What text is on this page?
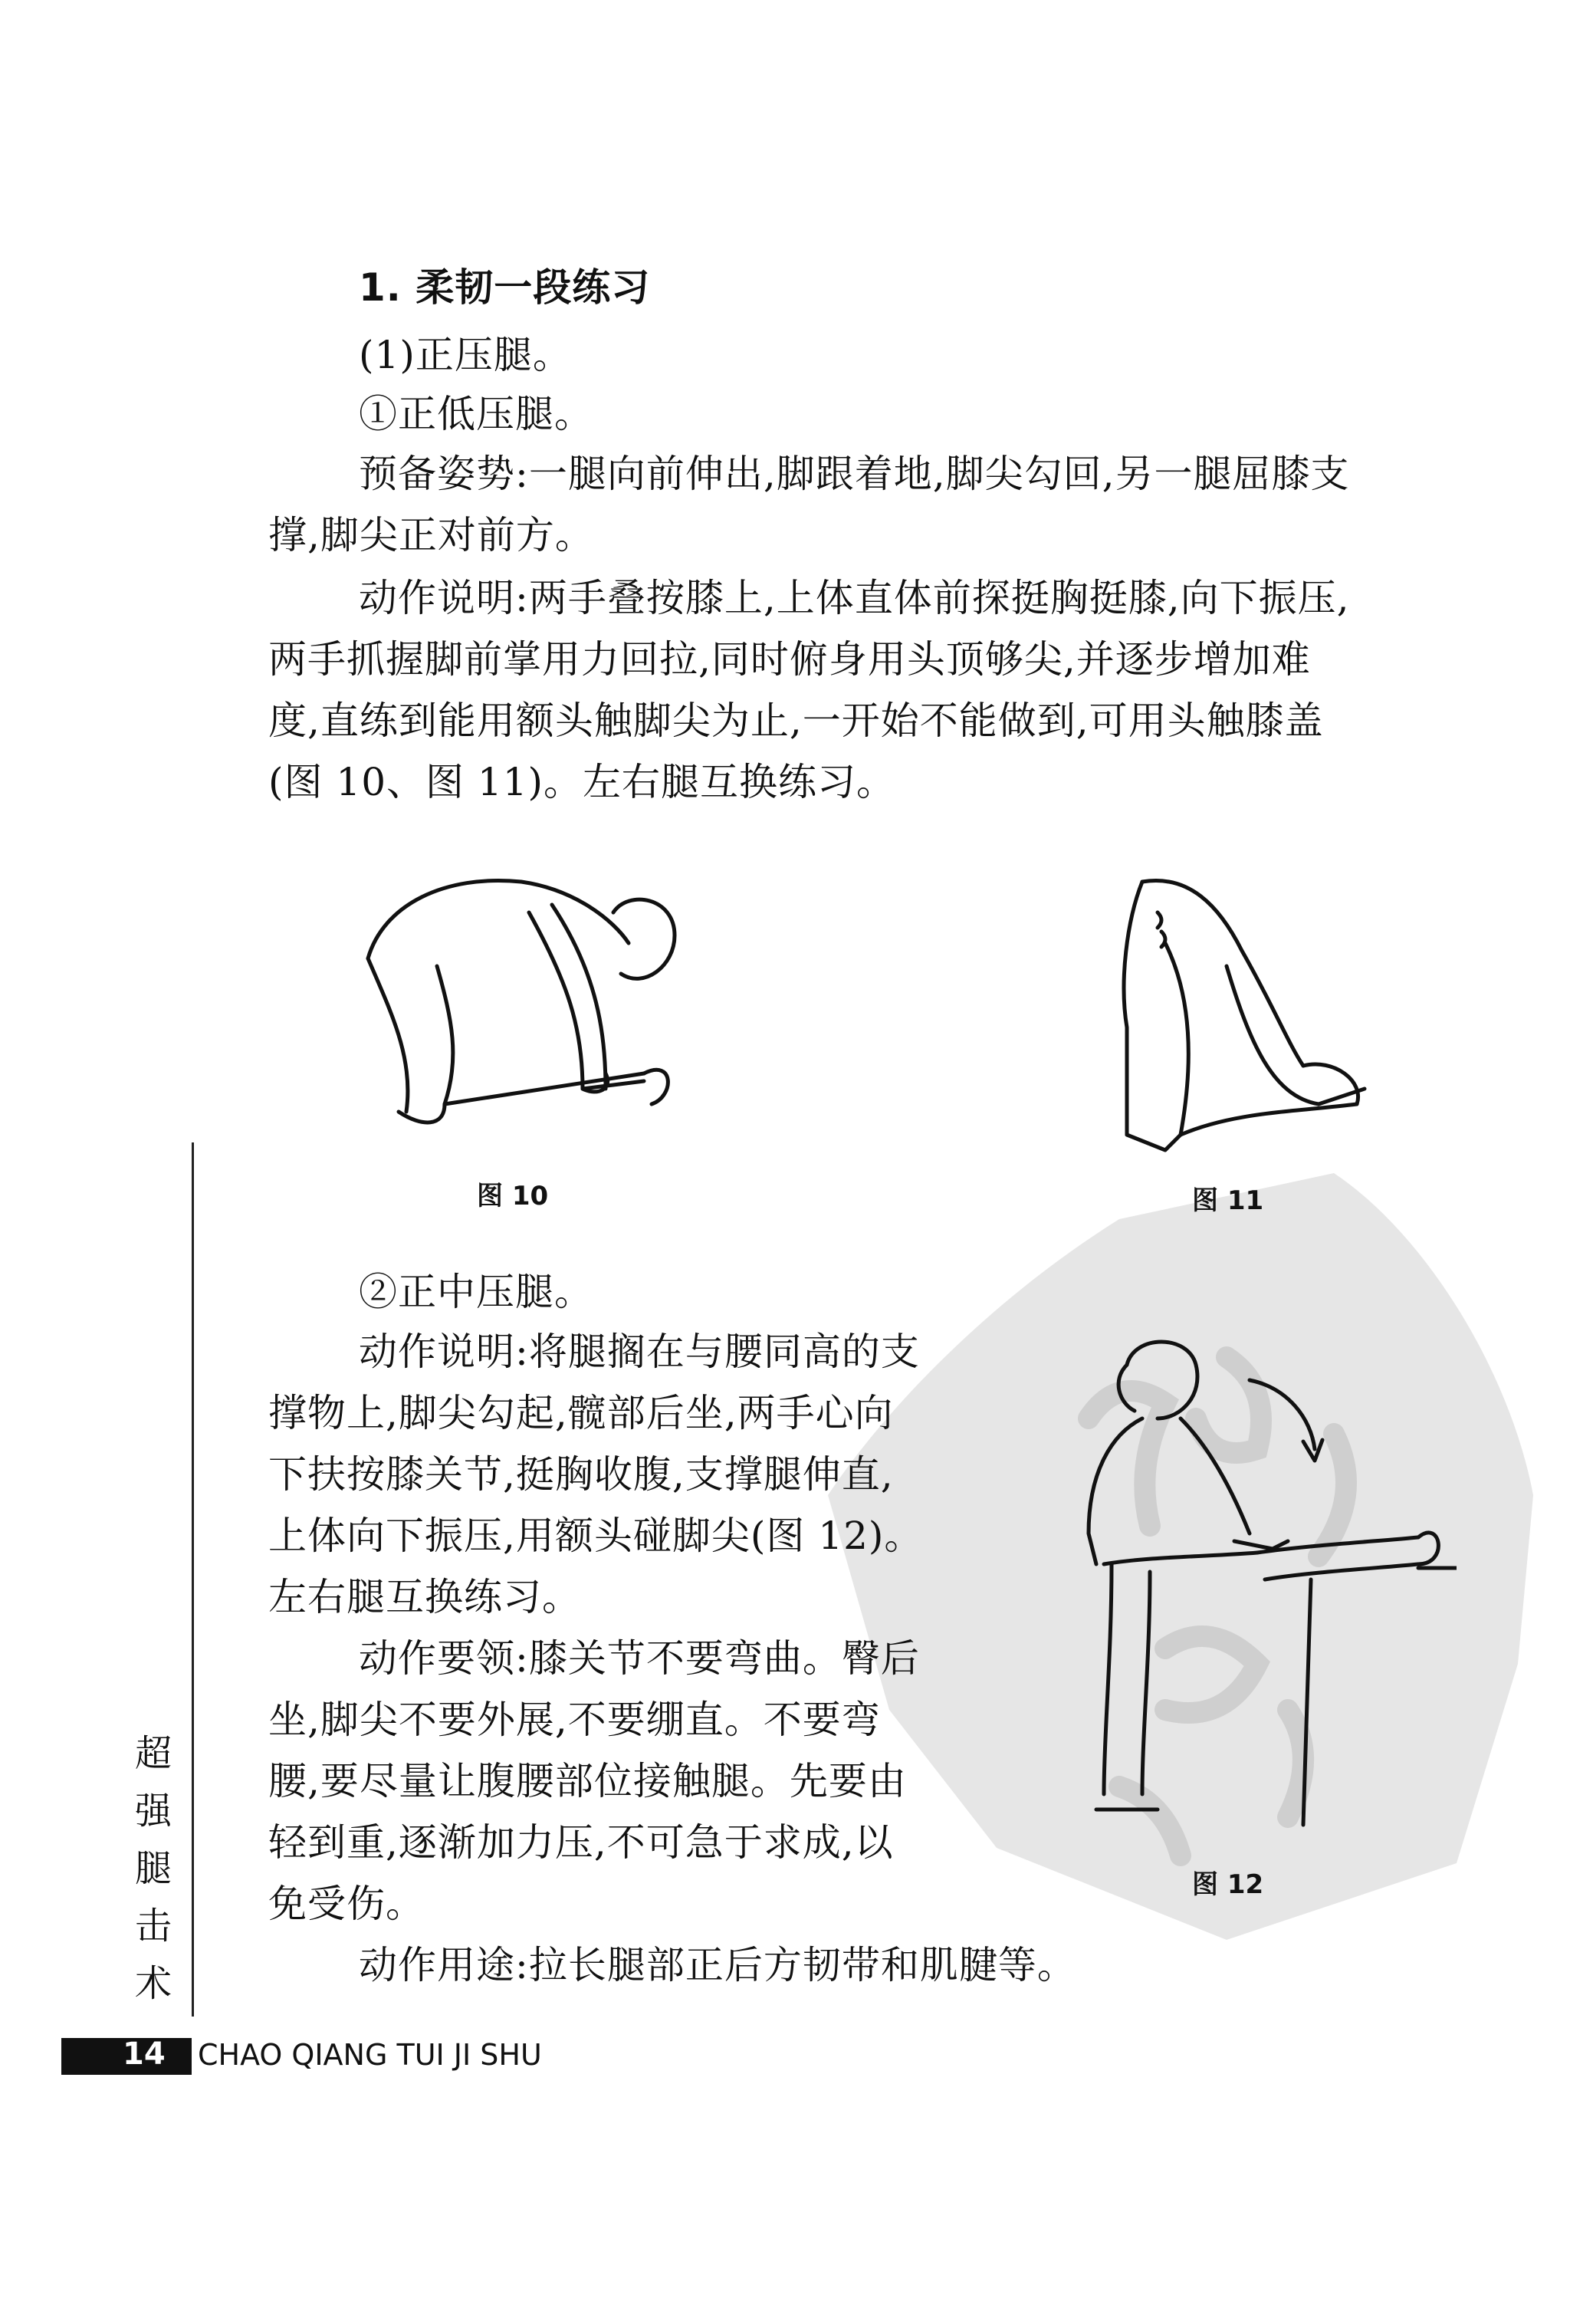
1. 柔韧一段练习
(1)正压腿。
①正低压腿。
预备姿势:一腿向前伸出,脚跟着地,脚尖勾回,另一腿屈膝支
撑,脚尖正对前方。
动作说明:两手叠按膝上,上体直体前探挺胸挺膝,向下振压,
两手抓握脚前掌用力回拉,同时俯身用头顶够尖,并逐步增加难
度,直练到能用额头触脚尖为止,一开始不能做到,可用头触膝盖
(图 10、图 11)。左右腿互换练习。
图 10	图 11
②正中压腿。
动作说明:将腿搁在与腰同高的支
撑物上,脚尖勾起,髋部后坐,两手心向
下扶按膝关节,挺胸收腹,支撑腿伸直,
上体向下振压,用额头碰脚尖(图 12)。
左右腿互换练习。
动作要领:膝关节不要弯曲。臀后
坐,脚尖不要外展,不要绷直。不要弯
腰,要尽量让腹腰部位接触腿。先要由
轻到重,逐渐加力压,不可急于求成,以
免受伤。	图 12
动作用途:拉长腿部正后方韧带和肌腱等。
超
强
腿
击
术
14 CHAO QIANG TUI JI SHU
